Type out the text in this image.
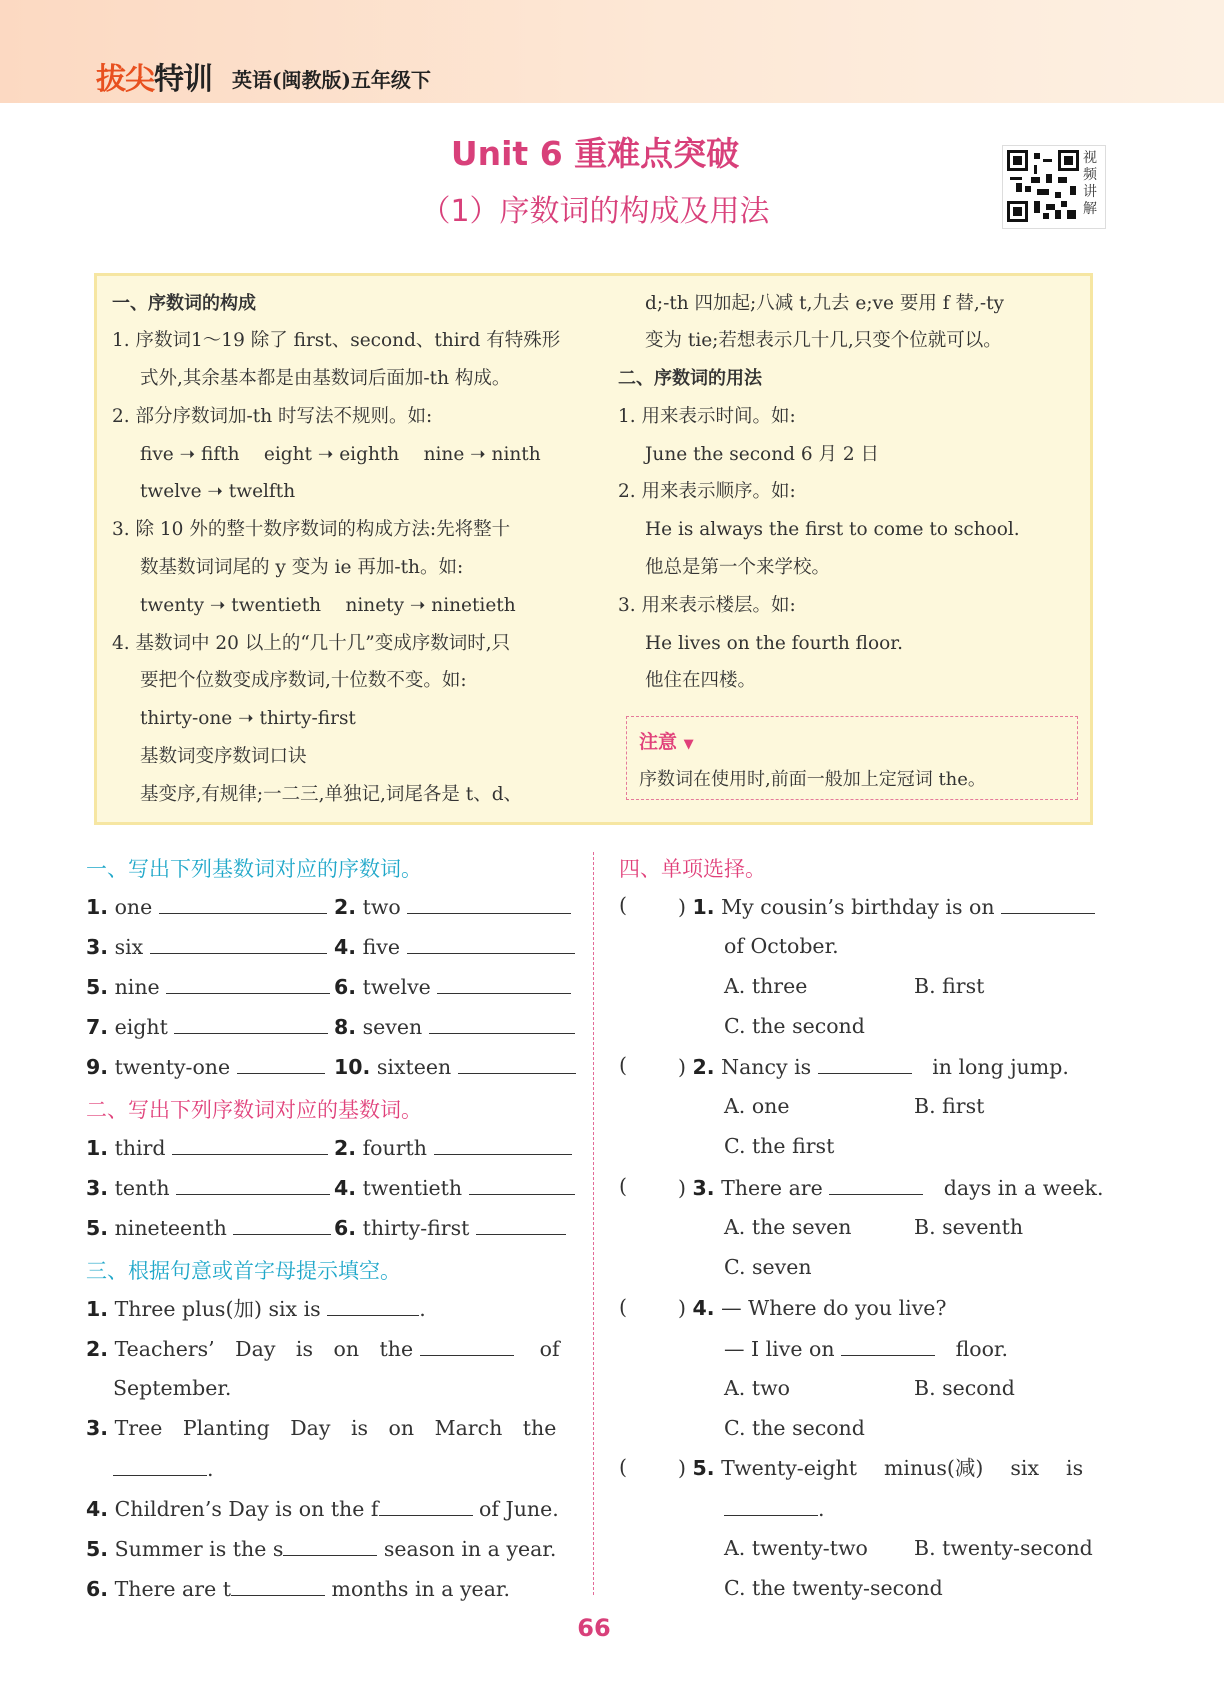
拔尖特训 英语(闽教版)五年级下
Unit 6 重难点突破
（1）序数词的构成及用法
视频讲解
一、序数词的构成
1. 序数词1～19 除了 first、second、third 有特殊形
式外,其余基本都是由基数词后面加-th 构成。
2. 部分序数词加-th 时写法不规则。如:
five ➝ fifth　 eight ➝ eighth　 nine ➝ ninth
twelve ➝ twelfth
3. 除 10 外的整十数序数词的构成方法:先将整十
数基数词词尾的 y 变为 ie 再加-th。如:
twenty ➝ twentieth　 ninety ➝ ninetieth
4. 基数词中 20 以上的“几十几”变成序数词时,只
要把个位数变成序数词,十位数不变。如:
thirty-one ➝ thirty-first
基数词变序数词口诀
基变序,有规律;一二三,单独记,词尾各是 t、d、
d;-th 四加起;八减 t,九去 e;ve 要用 f 替,-ty
变为 tie;若想表示几十几,只变个位就可以。
二、序数词的用法
1. 用来表示时间。如:
June the second 6 月 2 日
2. 用来表示顺序。如:
He is always the first to come to school.
他总是第一个来学校。
3. 用来表示楼层。如:
He lives on the fourth floor.
他住在四楼。
注意 ▼
序数词在使用时,前面一般加上定冠词 the。
一、写出下列基数词对应的序数词。
1. one	2. two
3. six	4. five
5. nine	6. twelve
7. eight	8. seven
9. twenty-one	10. sixteen
二、写出下列序数词对应的基数词。
1. third	2. fourth
3. tenth	4. twentieth
5. nineteenth	6. thirty-first
三、根据句意或首字母提示填空。
1. Three plus(加) six is	.
2. Teachers’　Day　is　on　the	of
September.
3. Tree　Planting　Day　is　on　March　the
.
4. Children’s Day is on the f	of June.
5. Summer is the s	season in a year.
6. There are t	months in a year.
四、单项选择。
( ) 1. My cousin’s birthday is on
of October.
A. three	B. first
C. the second
( ) 2. Nancy is 　	in long jump.
A. one	B. first
C. the first
( ) 3. There are 　	days in a week.
A. the seven	B. seventh
C. seven
( ) 4. — Where do you live?
— I live on 　	floor.
A. two	B. second
C. the second
( ) 5. Twenty-eight　 minus(减)　 six　 is
.
A. twenty-two B. twenty-second
C. the twenty-second
66
